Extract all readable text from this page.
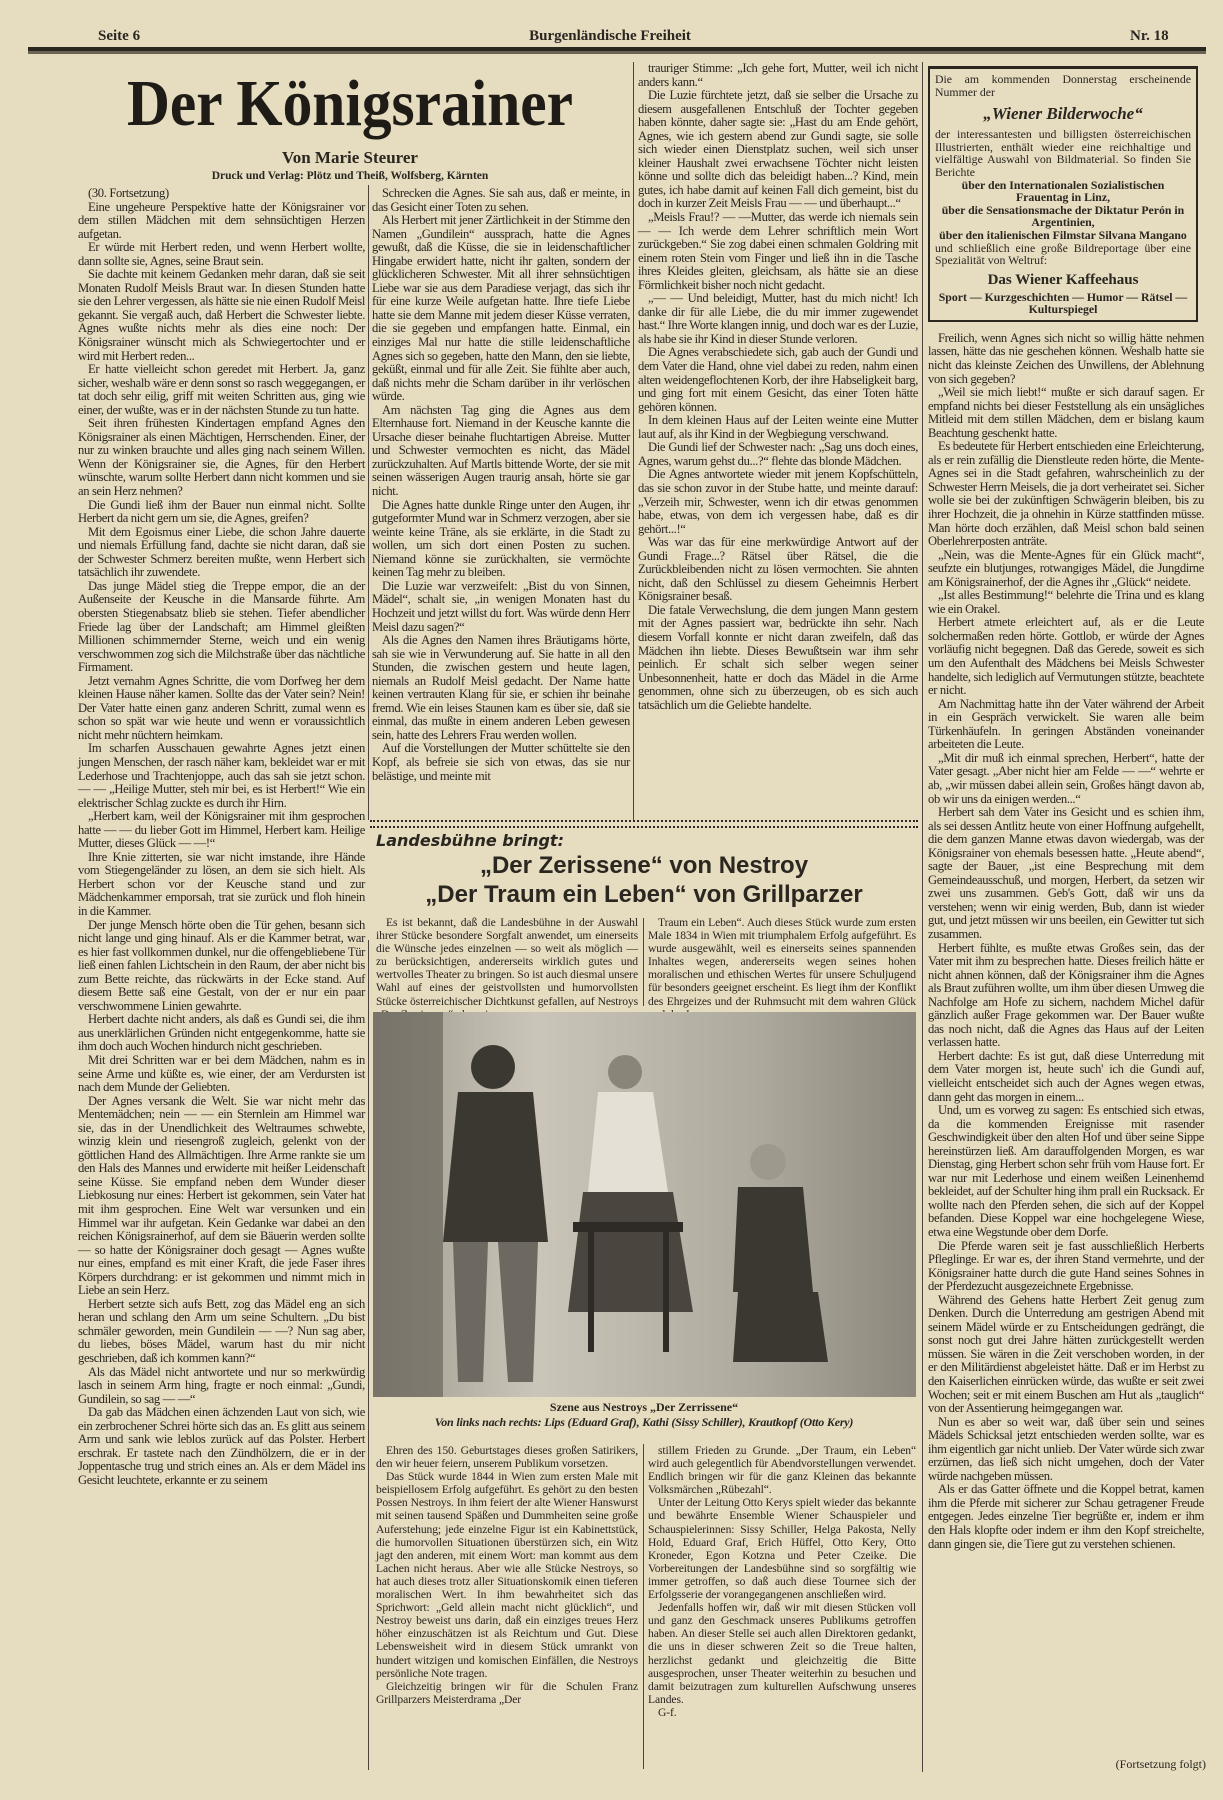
Seite 6	Burgenländische Freiheit	Nr. 18
Der Königsrainer
Von Marie Steurer
Druck und Verlag: Plötz und Theiß, Wolfsberg, Kärnten

(30. Fortsetzung)

Eine ungeheure Perspektive hatte der Königsrainer vor dem stillen Mädchen mit dem sehnsüchtigen Herzen aufgetan.

Er würde mit Herbert reden, und wenn Herbert wollte, dann sollte sie, Agnes, seine Braut sein.

Sie dachte mit keinem Gedanken mehr daran, daß sie seit Monaten Rudolf Meisls Braut war. In diesen Stunden hatte sie den Lehrer vergessen, als hätte sie nie einen Rudolf Meisl gekannt. Sie vergaß auch, daß Herbert die Schwester liebte. Agnes wußte nichts mehr als dies eine noch: Der Königsrainer wünscht mich als Schwiegertochter und er wird mit Herbert reden...

Er hatte vielleicht schon geredet mit Herbert. Ja, ganz sicher, weshalb wäre er denn sonst so rasch weggegangen, er tat doch sehr eilig, griff mit weiten Schritten aus, ging wie einer, der wußte, was er in der nächsten Stunde zu tun hatte.

Seit ihren frühesten Kindertagen empfand Agnes den Königsrainer als einen Mächtigen, Herrschenden. Einer, der nur zu winken brauchte und alles ging nach seinem Willen. Wenn der Königsrainer sie, die Agnes, für den Herbert wünschte, warum sollte Herbert dann nicht kommen und sie an sein Herz nehmen?

Die Gundi ließ ihm der Bauer nun einmal nicht. Sollte Herbert da nicht gern um sie, die Agnes, greifen?

Mit dem Egoismus einer Liebe, die schon Jahre dauerte und niemals Erfüllung fand, dachte sie nicht daran, daß sie der Schwester Schmerz bereiten mußte, wenn Herbert sich tatsächlich ihr zuwendete.

Das junge Mädel stieg die Treppe empor, die an der Außenseite der Keusche in die Mansarde führte. Am obersten Stiegenabsatz blieb sie stehen. Tiefer abendlicher Friede lag über der Landschaft; am Himmel gleißten Millionen schimmernder Sterne, weich und ein wenig verschwommen zog sich die Milchstraße über das nächtliche Firmament.

Jetzt vernahm Agnes Schritte, die vom Dorfweg her dem kleinen Hause näher kamen. Sollte das der Vater sein? Nein! Der Vater hatte einen ganz anderen Schritt, zumal wenn es schon so spät war wie heute und wenn er voraussichtlich nicht mehr nüchtern heimkam.

Im scharfen Ausschauen gewahrte Agnes jetzt einen jungen Menschen, der rasch näher kam, bekleidet war er mit Lederhose und Trachtenjoppe, auch das sah sie jetzt schon. — — „Heilige Mutter, steh mir bei, es ist Herbert!“ Wie ein elektrischer Schlag zuckte es durch ihr Hirn.

„Herbert kam, weil der Königsrainer mit ihm gesprochen hatte — — du lieber Gott im Himmel, Herbert kam. Heilige Mutter, dieses Glück — —!“

Ihre Knie zitterten, sie war nicht imstande, ihre Hände vom Stiegengeländer zu lösen, an dem sie sich hielt. Als Herbert schon vor der Keusche stand und zur Mädchenkammer emporsah, trat sie zurück und floh hinein in die Kammer.

Der junge Mensch hörte oben die Tür gehen, besann sich nicht lange und ging hinauf. Als er die Kammer betrat, war es hier fast vollkommen dunkel, nur die offengebliebene Tür ließ einen fahlen Lichtschein in den Raum, der aber nicht bis zum Bette reichte, das rückwärts in der Ecke stand. Auf diesem Bette saß eine Gestalt, von der er nur ein paar verschwommene Linien gewahrte.

Herbert dachte nicht anders, als daß es Gundi sei, die ihm aus unerklärlichen Gründen nicht entgegenkomme, hatte sie ihm doch auch Wochen hindurch nicht geschrieben.

Mit drei Schritten war er bei dem Mädchen, nahm es in seine Arme und küßte es, wie einer, der am Verdursten ist nach dem Munde der Geliebten.

Der Agnes versank die Welt. Sie war nicht mehr das Mentemädchen; nein — — ein Sternlein am Himmel war sie, das in der Unendlichkeit des Weltraumes schwebte, winzig klein und riesengroß zugleich, gelenkt von der göttlichen Hand des Allmächtigen. Ihre Arme rankte sie um den Hals des Mannes und erwiderte mit heißer Leidenschaft seine Küsse. Sie empfand neben dem Wunder dieser Liebkosung nur eines: Herbert ist gekommen, sein Vater hat mit ihm gesprochen. Eine Welt war versunken und ein Himmel war ihr aufgetan. Kein Gedanke war dabei an den reichen Königsrainerhof, auf dem sie Bäuerin werden sollte — so hatte der Königsrainer doch gesagt — Agnes wußte nur eines, empfand es mit einer Kraft, die jede Faser ihres Körpers durchdrang: er ist gekommen und nimmt mich in Liebe an sein Herz.

Herbert setzte sich aufs Bett, zog das Mädel eng an sich heran und schlang den Arm um seine Schultern. „Du bist schmäler geworden, mein Gundilein — —? Nun sag aber, du liebes, böses Mädel, warum hast du mir nicht geschrieben, daß ich kommen kann?“

Als das Mädel nicht antwortete und nur so merkwürdig lasch in seinem Arm hing, fragte er noch einmal: „Gundi, Gundilein, so sag — —“

Da gab das Mädchen einen ächzenden Laut von sich, wie ein zerbrochener Schrei hörte sich das an. Es glitt aus seinem Arm und sank wie leblos zurück auf das Polster. Herbert erschrak. Er tastete nach den Zündhölzern, die er in der Joppentasche trug und strich eines an. Als er dem Mädel ins Gesicht leuchtete, erkannte er zu seinem

Schrecken die Agnes. Sie sah aus, daß er meinte, in das Gesicht einer Toten zu sehen.

Als Herbert mit jener Zärtlichkeit in der Stimme den Namen „Gundilein“ aussprach, hatte die Agnes gewußt, daß die Küsse, die sie in leidenschaftlicher Hingabe erwidert hatte, nicht ihr galten, sondern der glücklicheren Schwester. Mit all ihrer sehnsüchtigen Liebe war sie aus dem Paradiese verjagt, das sich ihr für eine kurze Weile aufgetan hatte. Ihre tiefe Liebe hatte sie dem Manne mit jedem dieser Küsse verraten, die sie gegeben und empfangen hatte. Einmal, ein einziges Mal nur hatte die stille leidenschaftliche Agnes sich so gegeben, hatte den Mann, den sie liebte, geküßt, einmal und für alle Zeit. Sie fühlte aber auch, daß nichts mehr die Scham darüber in ihr verlöschen würde.

Am nächsten Tag ging die Agnes aus dem Elternhause fort. Niemand in der Keusche kannte die Ursache dieser beinahe fluchtartigen Abreise. Mutter und Schwester vermochten es nicht, das Mädel zurückzuhalten. Auf Martls bittende Worte, der sie mit seinen wässerigen Augen traurig ansah, hörte sie gar nicht.

Die Agnes hatte dunkle Ringe unter den Augen, ihr gutgeformter Mund war in Schmerz verzogen, aber sie weinte keine Träne, als sie erklärte, in die Stadt zu wollen, um sich dort einen Posten zu suchen. Niemand könne sie zurückhalten, sie vermöchte keinen Tag mehr zu bleiben.

Die Luzie war verzweifelt: „Bist du von Sinnen, Mädel“, schalt sie, „in wenigen Monaten hast du Hochzeit und jetzt willst du fort. Was würde denn Herr Meisl dazu sagen?“

Als die Agnes den Namen ihres Bräutigams hörte, sah sie wie in Verwunderung auf. Sie hatte in all den Stunden, die zwischen gestern und heute lagen, niemals an Rudolf Meisl gedacht. Der Name hatte keinen vertrauten Klang für sie, er schien ihr beinahe fremd. Wie ein leises Staunen kam es über sie, daß sie einmal, das mußte in einem anderen Leben gewesen sein, hatte des Lehrers Frau werden wollen.

Auf die Vorstellungen der Mutter schüttelte sie den Kopf, als befreie sie sich von etwas, das sie nur belästige, und meinte mit

trauriger Stimme: „Ich gehe fort, Mutter, weil ich nicht anders kann.“

Die Luzie fürchtete jetzt, daß sie selber die Ursache zu diesem ausgefallenen Entschluß der Tochter gegeben haben könnte, daher sagte sie: „Hast du am Ende gehört, Agnes, wie ich gestern abend zur Gundi sagte, sie solle sich wieder einen Dienstplatz suchen, weil sich unser kleiner Haushalt zwei erwachsene Töchter nicht leisten könne und sollte dich das beleidigt haben...? Kind, mein gutes, ich habe damit auf keinen Fall dich gemeint, bist du doch in kurzer Zeit Meisls Frau — — und überhaupt...“

„Meisls Frau!? — —Mutter, das werde ich niemals sein — — Ich werde dem Lehrer schriftlich mein Wort zurückgeben.“ Sie zog dabei einen schmalen Goldring mit einem roten Stein vom Finger und ließ ihn in die Tasche ihres Kleides gleiten, gleichsam, als hätte sie an diese Förmlichkeit bisher noch nicht gedacht.

„— — Und beleidigt, Mutter, hast du mich nicht! Ich danke dir für alle Liebe, die du mir immer zugewendet hast.“ Ihre Worte klangen innig, und doch war es der Luzie, als habe sie ihr Kind in dieser Stunde verloren.

Die Agnes verabschiedete sich, gab auch der Gundi und dem Vater die Hand, ohne viel dabei zu reden, nahm einen alten weidengeflochtenen Korb, der ihre Habseligkeit barg, und ging fort mit einem Gesicht, das einer Toten hätte gehören können.

In dem kleinen Haus auf der Leiten weinte eine Mutter laut auf, als ihr Kind in der Wegbiegung verschwand.

Die Gundi lief der Schwester nach: „Sag uns doch eines, Agnes, warum gehst du...?“ flehte das blonde Mädchen.

Die Agnes antwortete wieder mit jenem Kopfschütteln, das sie schon zuvor in der Stube hatte, und meinte darauf: „Verzeih mir, Schwester, wenn ich dir etwas genommen habe, etwas, von dem ich vergessen habe, daß es dir gehört...!“

Was war das für eine merkwürdige Antwort auf der Gundi Frage...? Rätsel über Rätsel, die die Zurückbleibenden nicht zu lösen vermochten. Sie ahnten nicht, daß den Schlüssel zu diesem Geheimnis Herbert Königsrainer besaß.

Die fatale Verwechslung, die dem jungen Mann gestern mit der Agnes passiert war, bedrückte ihn sehr. Nach diesem Vorfall konnte er nicht daran zweifeln, daß das Mädchen ihn liebte. Dieses Bewußtsein war ihm sehr peinlich. Er schalt sich selber wegen seiner Unbesonnenheit, hatte er doch das Mädel in die Arme genommen, ohne sich zu überzeugen, ob es sich auch tatsächlich um die Geliebte handelte.

Die am kommenden Donnerstag erscheinende Nummer der
„Wiener Bilderwoche“
der interessantesten und billigsten österreichischen Illustrierten, enthält wieder eine reichhaltige und vielfältige Auswahl von Bildmaterial. So finden Sie Berichte
über den Internationalen Sozialistischen Frauentag in Linz,
über die Sensationsmache der Diktatur Perón in Argentinien,
über den italienischen Filmstar Silvana Mangano
und schließlich eine große Bildreportage über eine Spezialität von Weltruf:
Das Wiener Kaffeehaus
Sport — Kurzgeschichten — Humor — Rätsel — Kulturspiegel

Freilich, wenn Agnes sich nicht so willig hätte nehmen lassen, hätte das nie geschehen können. Weshalb hatte sie nicht das kleinste Zeichen des Unwillens, der Ablehnung von sich gegeben?

„Weil sie mich liebt!“ mußte er sich darauf sagen. Er empfand nichts bei dieser Feststellung als ein unsägliches Mitleid mit dem stillen Mädchen, dem er bislang kaum Beachtung geschenkt hatte.

Es bedeutete für Herbert entschieden eine Erleichterung, als er rein zufällig die Dienstleute reden hörte, die Mente-Agnes sei in die Stadt gefahren, wahrscheinlich zu der Schwester Herrn Meisels, die ja dort verheiratet sei. Sicher wolle sie bei der zukünftigen Schwägerin bleiben, bis zu ihrer Hochzeit, die ja ohnehin in Kürze stattfinden müsse. Man hörte doch erzählen, daß Meisl schon bald seinen Oberlehrerposten anträte.

„Nein, was die Mente-Agnes für ein Glück macht“, seufzte ein blutjunges, rotwangiges Mädel, die Jungdirne am Königsrainerhof, der die Agnes ihr „Glück“ neidete.

„Ist alles Bestimmung!“ belehrte die Trina und es klang wie ein Orakel.

Herbert atmete erleichtert auf, als er die Leute solchermaßen reden hörte. Gottlob, er würde der Agnes vorläufig nicht begegnen. Daß das Gerede, soweit es sich um den Aufenthalt des Mädchens bei Meisls Schwester handelte, sich lediglich auf Vermutungen stützte, beachtete er nicht.

Am Nachmittag hatte ihn der Vater während der Arbeit in ein Gespräch verwickelt. Sie waren alle beim Türkenhäufeln. In geringen Abständen voneinander arbeiteten die Leute.

„Mit dir muß ich einmal sprechen, Herbert“, hatte der Vater gesagt. „Aber nicht hier am Felde — —“ wehrte er ab, „wir müssen dabei allein sein, Großes hängt davon ab, ob wir uns da einigen werden...“

Herbert sah dem Vater ins Gesicht und es schien ihm, als sei dessen Antlitz heute von einer Hoffnung aufgehellt, die dem ganzen Manne etwas davon wiedergab, was der Königsrainer von ehemals besessen hatte. „Heute abend“, sagte der Bauer, „ist eine Besprechung mit dem Gemeindeausschuß, und morgen, Herbert, da setzen wir zwei uns zusammen. Geb's Gott, daß wir uns da verstehen; wenn wir einig werden, Bub, dann ist wieder gut, und jetzt müssen wir uns beeilen, ein Gewitter tut sich zusammen.

Herbert fühlte, es mußte etwas Großes sein, das der Vater mit ihm zu besprechen hatte. Dieses freilich hätte er nicht ahnen können, daß der Königsrainer ihm die Agnes als Braut zuführen wollte, um ihm über diesen Umweg die Nachfolge am Hofe zu sichern, nachdem Michel dafür gänzlich außer Frage gekommen war. Der Bauer wußte das noch nicht, daß die Agnes das Haus auf der Leiten verlassen hatte.

Herbert dachte: Es ist gut, daß diese Unterredung mit dem Vater morgen ist, heute such' ich die Gundi auf, vielleicht entscheidet sich auch der Agnes wegen etwas, dann geht das morgen in einem...

Und, um es vorweg zu sagen: Es entschied sich etwas, da die kommenden Ereignisse mit rasender Geschwindigkeit über den alten Hof und über seine Sippe hereinstürzen ließ. Am darauffolgenden Morgen, es war Dienstag, ging Herbert schon sehr früh vom Hause fort. Er war nur mit Lederhose und einem weißen Leinenhemd bekleidet, auf der Schulter hing ihm prall ein Rucksack. Er wollte nach den Pferden sehen, die sich auf der Koppel befanden. Diese Koppel war eine hochgelegene Wiese, etwa eine Wegstunde ober dem Dorfe.

Die Pferde waren seit je fast ausschließlich Herberts Pfleglinge. Er war es, der ihren Stand vermehrte, und der Königsrainer hatte durch die gute Hand seines Sohnes in der Pferdezucht ausgezeichnete Ergebnisse.

Während des Gehens hatte Herbert Zeit genug zum Denken. Durch die Unterredung am gestrigen Abend mit seinem Mädel würde er zu Entscheidungen gedrängt, die sonst noch gut drei Jahre hätten zurückgestellt werden müssen. Sie wären in die Zeit verschoben worden, in der er den Militärdienst abgeleistet hätte. Daß er im Herbst zu den Kaiserlichen einrücken würde, das wußte er seit zwei Wochen; seit er mit einem Buschen am Hut als „tauglich“ von der Assentierung heimgegangen war.

Nun es aber so weit war, daß über sein und seines Mädels Schicksal jetzt entschieden werden sollte, war es ihm eigentlich gar nicht unlieb. Der Vater würde sich zwar erzürnen, das ließ sich nicht umgehen, doch der Vater würde nachgeben müssen.

Als er das Gatter öffnete und die Koppel betrat, kamen ihm die Pferde mit sicherer zur Schau getragener Freude entgegen. Jedes einzelne Tier begrüßte er, indem er ihm den Hals klopfte oder indem er ihm den Kopf streichelte, dann gingen sie, die Tiere gut zu verstehen schienen.

(Fortsetzung folgt)
Landesbühne bringt:
„Der Zerissene“ von Nestroy
„Der Traum ein Leben“ von Grillparzer

Es ist bekannt, daß die Landesbühne in der Auswahl ihrer Stücke besondere Sorgfalt anwendet, um einerseits die Wünsche jedes einzelnen — so weit als möglich — zu berücksichtigen, andererseits wirklich gutes und wertvolles Theater zu bringen. So ist auch diesmal unsere Wahl auf eines der geistvollsten und humorvollsten Stücke österreichischer Dichtkunst gefallen, auf Nestroys

Traum ein Leben“. Auch dieses Stück wurde zum ersten Male 1834 in Wien mit triumphalem Erfolg aufgeführt. Es wurde ausgewählt, weil es einerseits seines spannenden Inhaltes wegen, andererseits wegen seines hohen moralischen und ethischen Wertes für unsere Schuljugend für besonders geeignet erscheint. Es liegt ihm der Konflikt des Ehrgeizes und der Ruhmsucht mit dem wahren Glück

Szene aus Nestroys „Der Zerrissene“
Von links nach rechts: Lips (Eduard Graf), Kathi (Sissy Schiller), Krautkopf (Otto Kery)

Ehren des 150. Geburtstages dieses großen Satirikers, den wir heuer feiern, unserem Publikum vorsetzen.

Das Stück wurde 1844 in Wien zum ersten Male mit beispiellosem Erfolg aufgeführt. Es gehört zu den besten Possen Nestroys. In ihm feiert der alte Wiener Hanswurst mit seinen tausend Späßen und Dummheiten seine große Auferstehung; jede einzelne Figur ist ein Kabinettstück, die humorvollen Situationen überstürzen sich, ein Witz jagt den anderen, mit einem Wort: man kommt aus dem Lachen nicht heraus. Aber wie alle Stücke Nestroys, so hat auch dieses trotz aller Situationskomik einen tieferen moralischen Wert. In ihm bewahrheitet sich das Sprichwort: „Geld allein macht nicht glücklich“, und Nestroy beweist uns darin, daß ein einziges treues Herz höher einzuschätzen ist als Reichtum und Gut. Diese Lebensweisheit wird in diesem Stück umrankt von hundert witzigen und komischen Einfällen, die Nestroys persönliche Note tragen.

Gleichzeitig bringen wir für die Schulen Franz Grillparzers Meisterdrama „Der

stillem Frieden zu Grunde. „Der Traum, ein Leben“ wird auch gelegentlich für Abendvorstellungen verwendet. Endlich bringen wir für die ganz Kleinen das bekannte Volksmärchen „Rübezahl“.

Unter der Leitung Otto Kerys spielt wieder das bekannte und bewährte Ensemble Wiener Schauspieler und Schauspielerinnen: Sissy Schiller, Helga Pakosta, Nelly Hold, Eduard Graf, Erich Hüffel, Otto Kery, Otto Kroneder, Egon Kotzna und Peter Czeike. Die Vorbereitungen der Landesbühne sind so sorgfältig wie immer getroffen, so daß auch diese Tournee sich der Erfolgsserie der vorangegangenen anschließen wird.

Jedenfalls hoffen wir, daß wir mit diesen Stücken voll und ganz den Geschmack unseres Publikums getroffen haben. An dieser Stelle sei auch allen Direktoren gedankt, die uns in dieser schweren Zeit so die Treue halten, herzlichst gedankt und gleichzeitig die Bitte ausgesprochen, unser Theater weiterhin zu besuchen und damit beizutragen zum kulturellen Aufschwung unseres Landes.

G-f.
